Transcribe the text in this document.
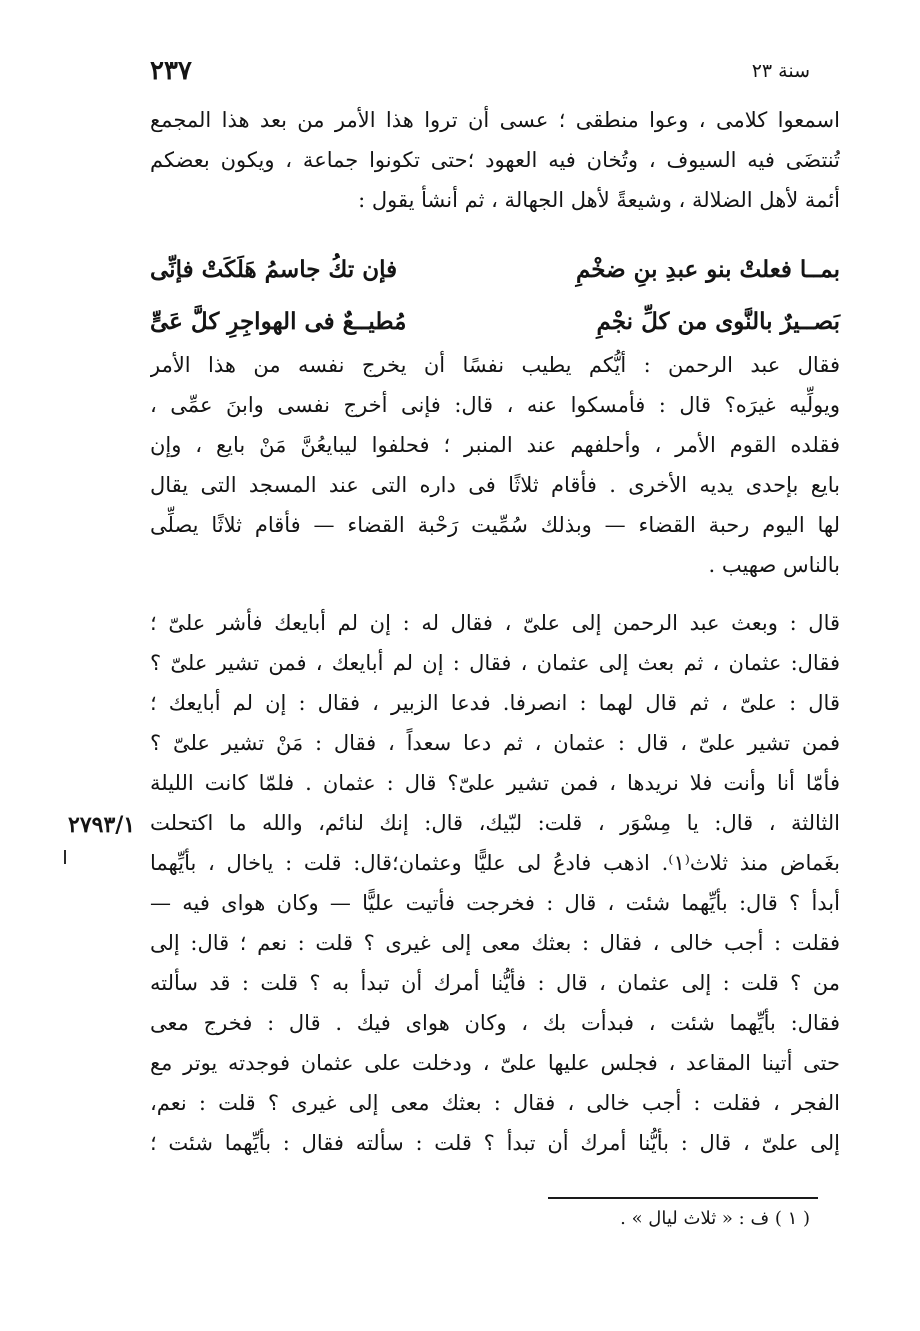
سنة ٢٣
٢٣٧
اسمعوا كلامى ، وعوا منطقى ؛ عسى أن تروا هذا الأمر من بعد هذا المجمع
تُنتضَى فيه السيوف ، وتُخان فيه العهود ؛حتى تكونوا جماعة ، ويكون بعضكم
أئمة لأهل الضلالة ، وشيعةً لأهل الجهالة ، ثم أنشأ يقول :
بمــا فعلتْ بنو عبدِ بنِ ضخْمِ
فإن تكُ جاسمُ هَلَكَتْ فإنِّى
بَصــيرٌ بالنَّوى من كلِّ نجْمِ
مُطيــعٌ فى الهواجِرِ كلَّ عَىٍّ
فقال عبد الرحمن : أيُّكم يطيب نفسًا أن يخرج نفسه من هذا الأمر
ويولِّيه غيرَه؟ قال : فأمسكوا عنه ، قال: فإنى أخرج نفسى وابنَ عمِّى ،
فقلده القوم الأمر ، وأحلفهم عند المنبر ؛ فحلفوا ليبايعُنَّ مَنْ بايع ، وإن
بايع بإحدى يديه الأخرى . فأقام ثلاثًا فى داره التى عند المسجد التى يقال
لها اليوم رحبة القضاء — وبذلك سُمِّيت رَحْبة القضاء — فأقام ثلاثًا يصلِّى
بالناس صهيب .
قال : وبعث عبد الرحمن إلى علىّ ، فقال له : إن لم أبايعك فأشر علىّ ؛
فقال: عثمان ، ثم بعث إلى عثمان ، فقال : إن لم أبايعك ، فمن تشير علىّ ؟
قال : علىّ ، ثم قال لهما : انصرفا. فدعا الزبير ، فقال : إن لم أبايعك ؛
فمن تشير علىّ ، قال : عثمان ، ثم دعا سعداً ، فقال : مَنْ تشير علىّ ؟
فأمّا أنا وأنت فلا نريدها ، فمن تشير علىّ؟ قال : عثمان . فلمّا كانت الليلة
الثالثة ، قال: يا مِسْوَر ، قلت: لبّيك، قال: إنك لنائم، والله ما اكتحلت
بغَماض منذ ثلاث⁽١⁾. اذهب فادعُ لى عليًّا وعثمان؛قال: قلت : ياخال ، بأيِّهما
أبدأ ؟ قال: بأيِّهما شئت ، قال : فخرجت فأتيت عليًّا — وكان هواى فيه —
فقلت : أجب خالى ، فقال : بعثك معى إلى غيرى ؟ قلت : نعم ؛ قال: إلى
من ؟ قلت : إلى عثمان ، قال : فأيُّنا أمرك أن تبدأ به ؟ قلت : قد سألته
فقال: بأيِّهما شئت ، فبدأت بك ، وكان هواى فيك . قال : فخرج معى
حتى أتينا المقاعد ، فجلس عليها علىّ ، ودخلت على عثمان فوجدته يوتر مع
الفجر ، فقلت : أجب خالى ، فقال : بعثك معى إلى غيرى ؟ قلت : نعم،
إلى علىّ ، قال : بأيُّنا أمرك أن تبدأ ؟ قلت : سألته فقال : بأيِّهما شئت ؛
٢٧٩٣/١
( ١ ) ف : « ثلاث ليال » .
